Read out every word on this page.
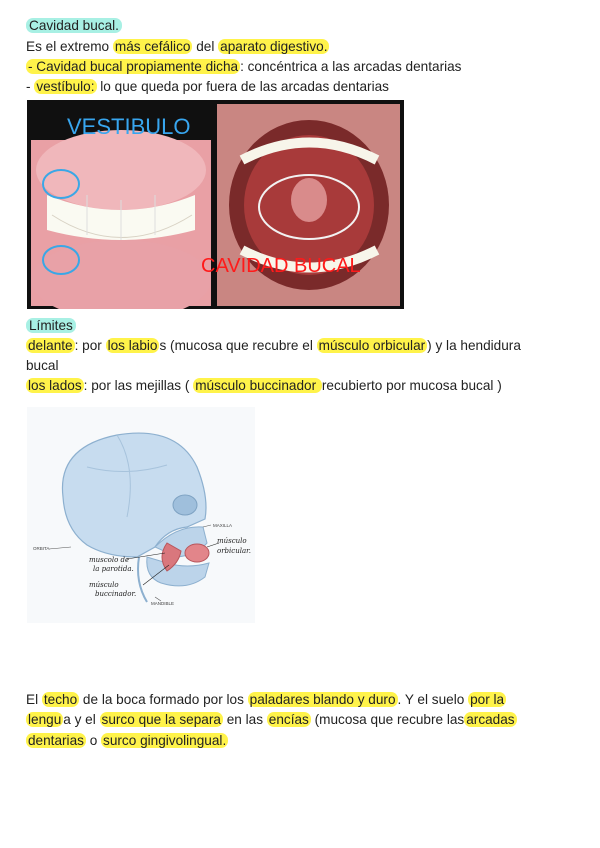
Cavidad bucal.
Es el extremo más cefálico del aparato digestivo.
- Cavidad bucal propiamente dicha : concéntrica a las arcadas dentarias
- vestíbulo: lo que queda por fuera de las arcadas dentarias
VESTIBULO
CAVIDAD BUCAL
Límites
delante : por los labio s (mucosa que recubre el músculo orbicular ) y la hendidura
bucal
los lados : por las mejillas ( músculo buccinador recubierto por mucosa bucal )
MAXILLA
MANDIBLE
ORBITA
músculo
orbicular.
muscolo de
la parotida.
músculo
buccinador.
El techo de la boca formado por los paladares blando y duro . Y el suelo por la
lengu a y el surco que la separa en las encías (mucosa que recubre las arcadas
dentarias o surco gingivolingual.
